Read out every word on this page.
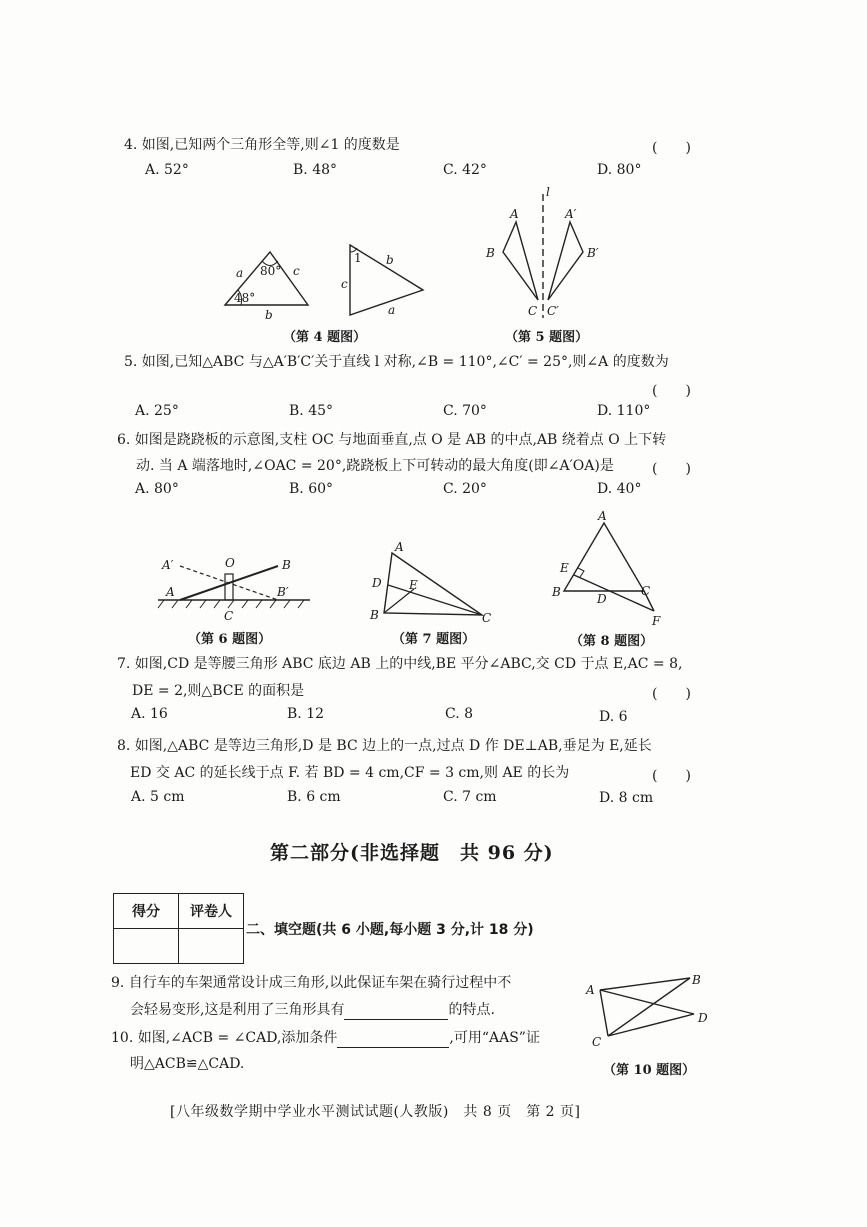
4. 如图,已知两个三角形全等,则∠1 的度数是	(　　)
A. 52°	B. 48°	C. 42°	D. 80°
a 80° c
48°
b
1 b
c
a
（第 4 题图）
l
A	A′
B	B′
C C′
（第 5 题图）
5. 如图,已知△ABC 与△A′B′C′关于直线 l 对称,∠B = 110°,∠C′ = 25°,则∠A 的度数为
(　　)
A. 25°	B. 45°	C. 70°	D. 110°
6. 如图是跷跷板的示意图,支柱 OC 与地面垂直,点 O 是 AB 的中点,AB 绕着点 O 上下转
动. 当 A 端落地时,∠OAC = 20°,跷跷板上下可转动的最大角度(即∠A′OA)是	(　　)
A. 80°	B. 60°	C. 20°	D. 40°
A′	O	B
A	B′
C
（第 6 题图）
A
D E
B	C
（第 7 题图）
A
E
B	D
C
F
（第 8 题图）
7. 如图,CD 是等腰三角形 ABC 底边 AB 上的中线,BE 平分∠ABC,交 CD 于点 E,AC = 8,
DE = 2,则△BCE 的面积是	(　　)
A. 16	B. 12	C. 8	D. 6
8. 如图,△ABC 是等边三角形,D 是 BC 边上的一点,过点 D 作 DE⊥AB,垂足为 E,延长
ED 交 AC 的延长线于点 F. 若 BD = 4 cm,CF = 3 cm,则 AE 的长为	(　　)
A. 5 cm	B. 6 cm	C. 7 cm	D. 8 cm
第二部分(非选择题　共 96 分)
得分	评卷人

二、填空题(共 6 小题,每小题 3 分,计 18 分)
9. 自行车的车架通常设计成三角形,以此保证车架在骑行过程中不
会轻易变形,这是利用了三角形具有	的特点.
10. 如图,∠ACB = ∠CAD,添加条件	,可用“AAS”证
明△ACB≌△CAD.
A
B
D
C
（第 10 题图）
[八年级数学期中学业水平测试试题(人教版)　共 8 页　第 2 页]
